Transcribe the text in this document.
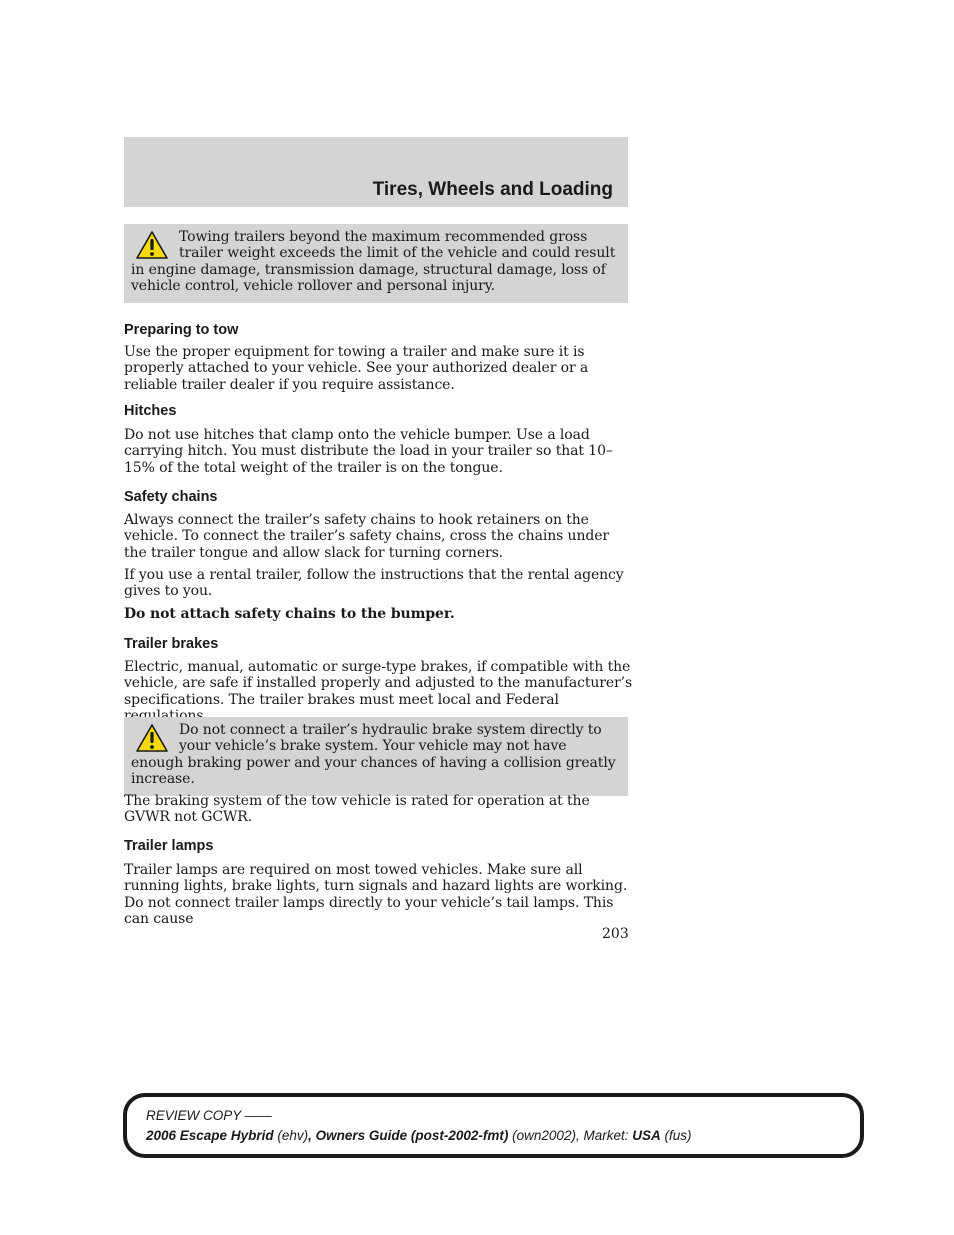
Tires, Wheels and Loading
Towing trailers beyond the maximum recommended gross trailer weight exceeds the limit of the vehicle and could result in engine damage, transmission damage, structural damage, loss of vehicle control, vehicle rollover and personal injury.
Preparing to tow

Use the proper equipment for towing a trailer and make sure it is properly attached to your vehicle. See your authorized dealer or a reliable trailer dealer if you require assistance.

Hitches

Do not use hitches that clamp onto the vehicle bumper. Use a load carrying hitch. You must distribute the load in your trailer so that 10–15% of the total weight of the trailer is on the tongue.

Safety chains

Always connect the trailer’s safety chains to hook retainers on the vehicle. To connect the trailer’s safety chains, cross the chains under the trailer tongue and allow slack for turning corners.

If you use a rental trailer, follow the instructions that the rental agency gives to you.

Do not attach safety chains to the bumper.

Trailer brakes

Electric, manual, automatic or surge-type brakes, if compatible with the vehicle, are safe if installed properly and adjusted to the manufacturer’s specifications. The trailer brakes must meet local and Federal

Do not connect a trailer’s hydraulic brake system directly to your vehicle’s brake system. Your vehicle may not have enough braking power and your chances of having a collision greatly increase.

The braking system of the tow vehicle is rated for operation at the GVWR not GCWR.

Trailer lamps

Trailer lamps are required on most towed vehicles. Make sure all running lights, brake lights, turn signals and hazard lights are working. Do not connect trailer lamps directly to your vehicle’s tail lamps. This can cause

203
REVIEW COPY ——
2006 Escape Hybrid (ehv), Owners Guide (post-2002-fmt) (own2002), Market: USA (fus)
